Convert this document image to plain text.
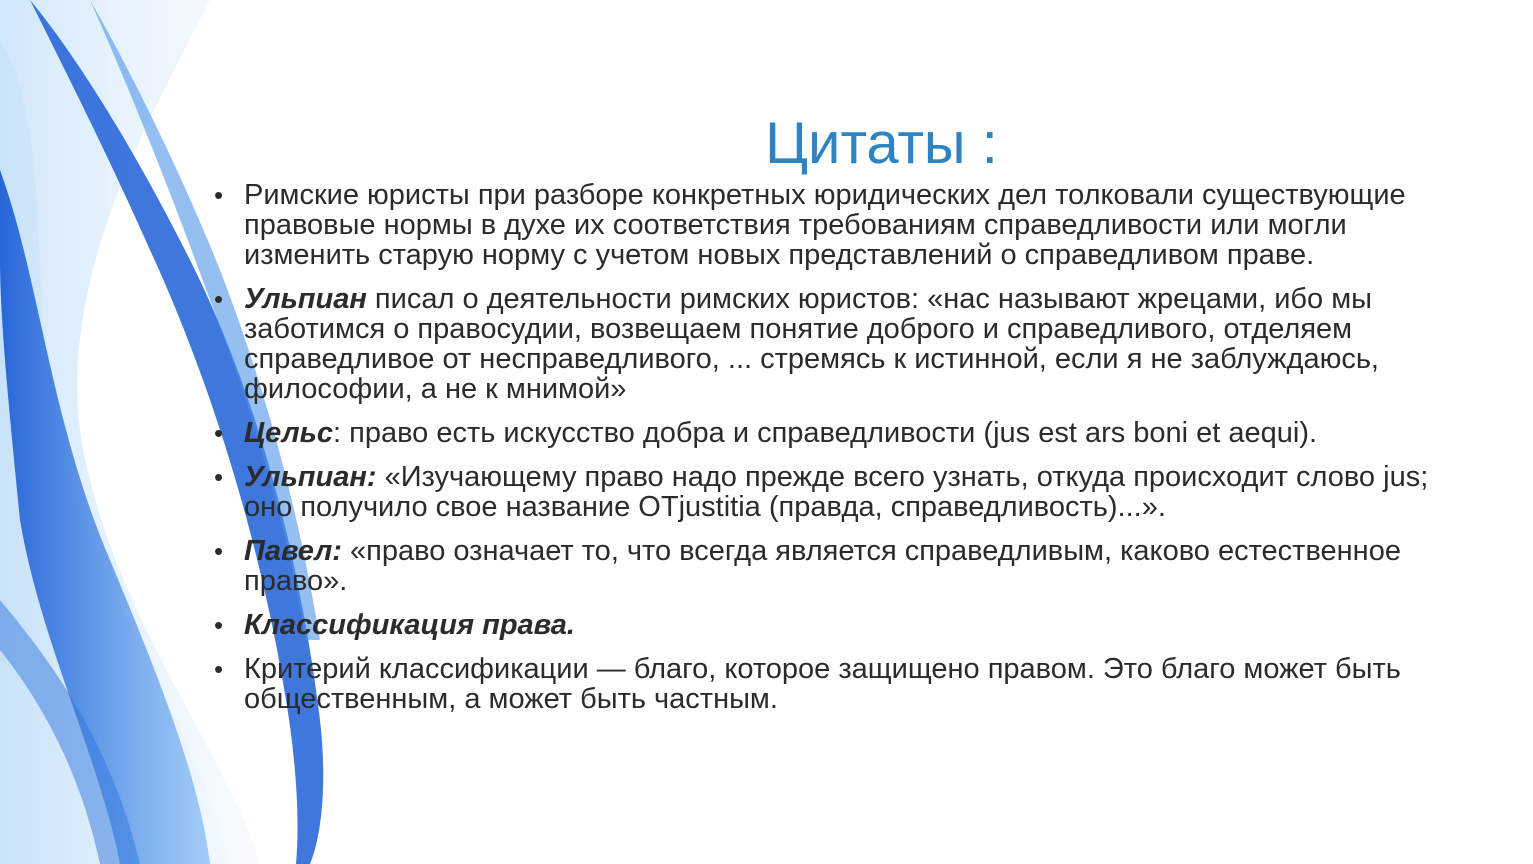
Цитаты :
• Римские юристы при разборе конкретных юридических дел толковали существующие правовые нормы в духе их соответствия требованиям справедливости или могли изменить старую норму с учетом новых представлений о справедливом праве.
• Ульпиан писал о деятельности римских юристов: «нас называют жрецами, ибо мы заботимся о правосудии, возвещаем понятие доброго и справедливого, отделяем справедливое от несправедливого, ... стремясь к истинной, если я не заблуждаюсь, философии, а не к мнимой»
• Цельс: право есть искусство добра и справедливости (jus est ars boni et aequi).
• Ульпиан: «Изучающему право надо прежде всего узнать, откуда происходит слово jus; оно получило свое название ОТjustitia (правда, справедливость)...».
• Павел: «право означает то, что всегда является справедливым, каково естественное право».
• Классификация права.
• Критерий классификации — благо, которое защищено правом. Это благо может быть общественным, а может быть частным.
